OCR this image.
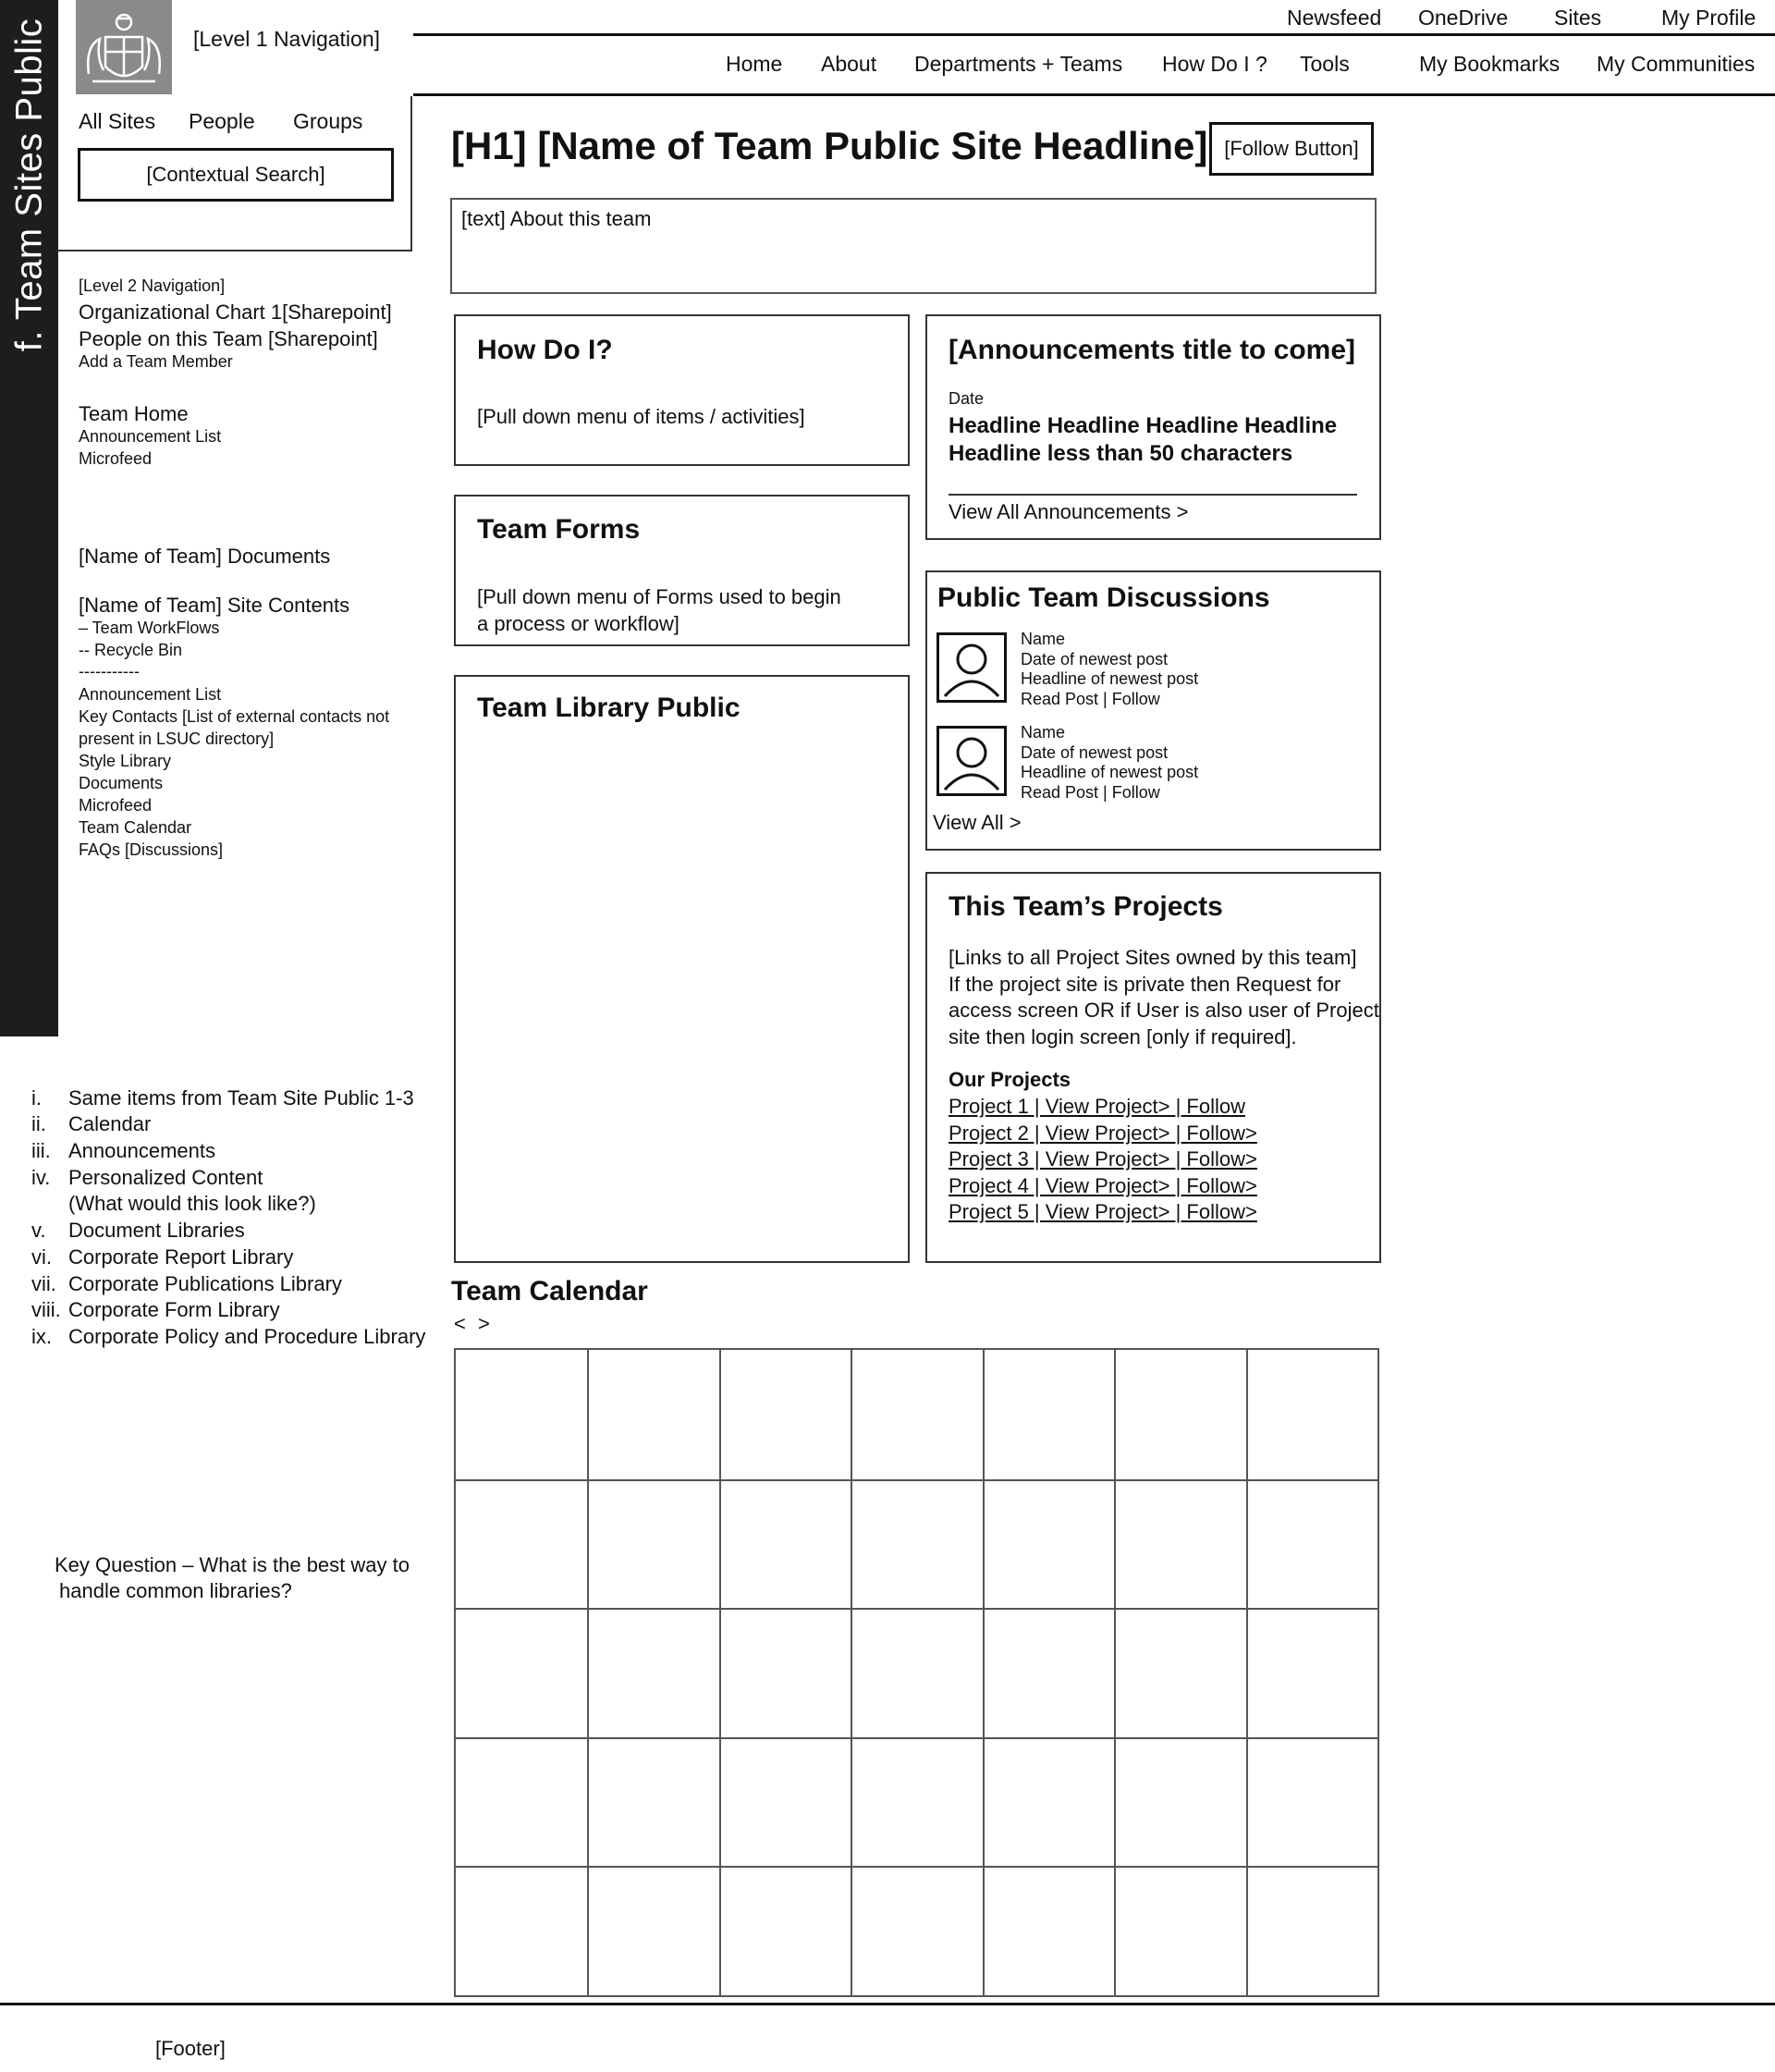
f. Team Sites Public	[Level 1 Navigation]
Newsfeed OneDrive Sites	My Profile
Home About Departments + Teams How Do I ? Tools	My Bookmarks My Communities
All Sites People Groups
[Contextual Search]
[Level 2 Navigation]
Organizational Chart 1[Sharepoint]
People on this Team [Sharepoint]
Add a Team Member
Team Home
Announcement List
Microfeed
[Name of Team] Documents
[Name of Team] Site Contents
– Team WorkFlows
-- Recycle Bin
-----------
Announcement List
Key Contacts [List of external contacts not
present in LSUC directory]
Style Library
Documents
Microfeed
Team Calendar
FAQs [Discussions]
i.
ii.
iii.
iv.
v.
vi.
vii.
viii.
ix.
Same items from Team Site Public 1-3
Calendar
Announcements
Personalized Content
(What would this look like?)
Document Libraries
Corporate Report Library
Corporate Publications Library
Corporate Form Library
Corporate Policy and Procedure Library
Key Question – What is the best way to
handle common libraries?
[H1] [Name of Team Public Site Headline] [Follow Button]
[text] About this team
How Do I?
[Pull down menu of items / activities]
Team Forms
[Pull down menu of Forms used to begin
a process or workflow]
Team Library Public
[Announcements title to come]
Date
Headline Headline Headline Headline
Headline less than 50 characters
View All Announcements >
Public Team Discussions
Name
Date of newest post
Headline of newest post
Read Post | Follow
Name
Date of newest post
Headline of newest post
Read Post | Follow
View All >
This Team’s Projects
[Links to all Project Sites owned by this team]
If the project site is private then Request for
access screen OR if User is also user of Project
site then login screen [only if required].
Our Projects
Project 1 | View Project> | Follow
Project 2 | View Project> | Follow>
Project 3 | View Project> | Follow>
Project 4 | View Project> | Follow>
Project 5 | View Project> | Follow>
Team Calendar
< >
[Footer]
